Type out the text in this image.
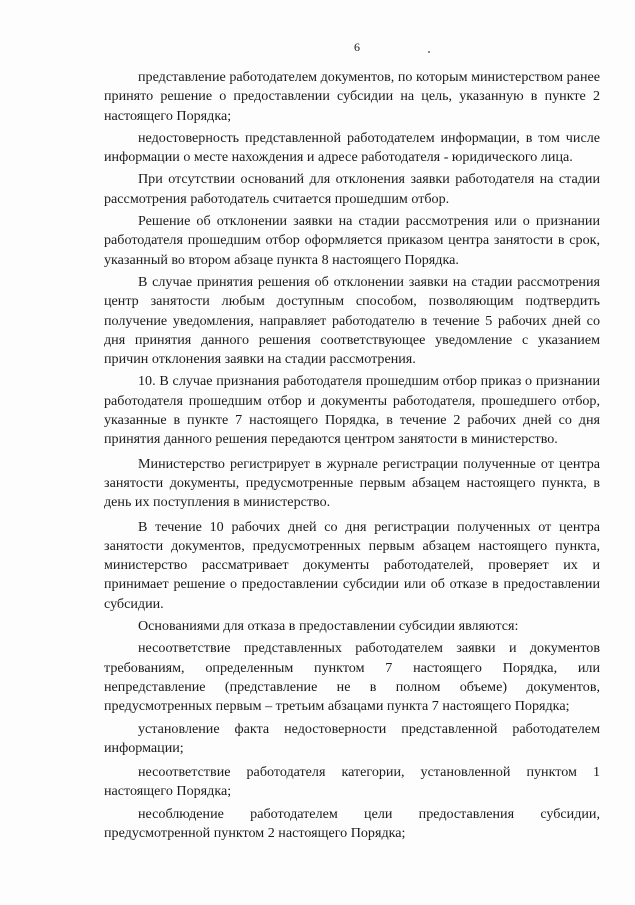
6

представление работодателем документов, по которым министерством ранее принято решение о предоставлении субсидии на цель, указанную в пункте 2 настоящего Порядка;

недостоверность представленной работодателем информации, в том числе информации о месте нахождения и адресе работодателя - юридического лица.

При отсутствии оснований для отклонения заявки работодателя на стадии рассмотрения работодатель считается прошедшим отбор.

Решение об отклонении заявки на стадии рассмотрения или о признании работодателя прошедшим отбор оформляется приказом центра занятости в срок, указанный во втором абзаце пункта 8 настоящего Порядка.

В случае принятия решения об отклонении заявки на стадии рассмотрения центр занятости любым доступным способом, позволяющим подтвердить получение уведомления, направляет работодателю в течение 5 рабочих дней со дня принятия данного решения соответствующее уведомление с указанием причин отклонения заявки на стадии рассмотрения.

10. В случае признания работодателя прошедшим отбор приказ о признании работодателя прошедшим отбор и документы работодателя, прошедшего отбор, указанные в пункте 7 настоящего Порядка, в течение 2 рабочих дней со дня принятия данного решения передаются центром занятости в министерство.

Министерство регистрирует в журнале регистрации полученные от центра занятости документы, предусмотренные первым абзацем настоящего пункта, в день их поступления в министерство.

В течение 10 рабочих дней со дня регистрации полученных от центра занятости документов, предусмотренных первым абзацем настоящего пункта, министерство рассматривает документы работодателей, проверяет их и принимает решение о предоставлении субсидии или об отказе в предоставлении субсидии.

Основаниями для отказа в предоставлении субсидии являются:

несоответствие представленных работодателем заявки и документов требованиям, определенным пунктом 7 настоящего Порядка, или непредставление (представление не в полном объеме) документов, предусмотренных первым – третьим абзацами пункта 7 настоящего Порядка;

установление факта недостоверности представленной работодателем информации;

несоответствие работодателя категории, установленной пунктом 1 настоящего Порядка;

несоблюдение работодателем цели предоставления субсидии, предусмотренной пунктом 2 настоящего Порядка;
